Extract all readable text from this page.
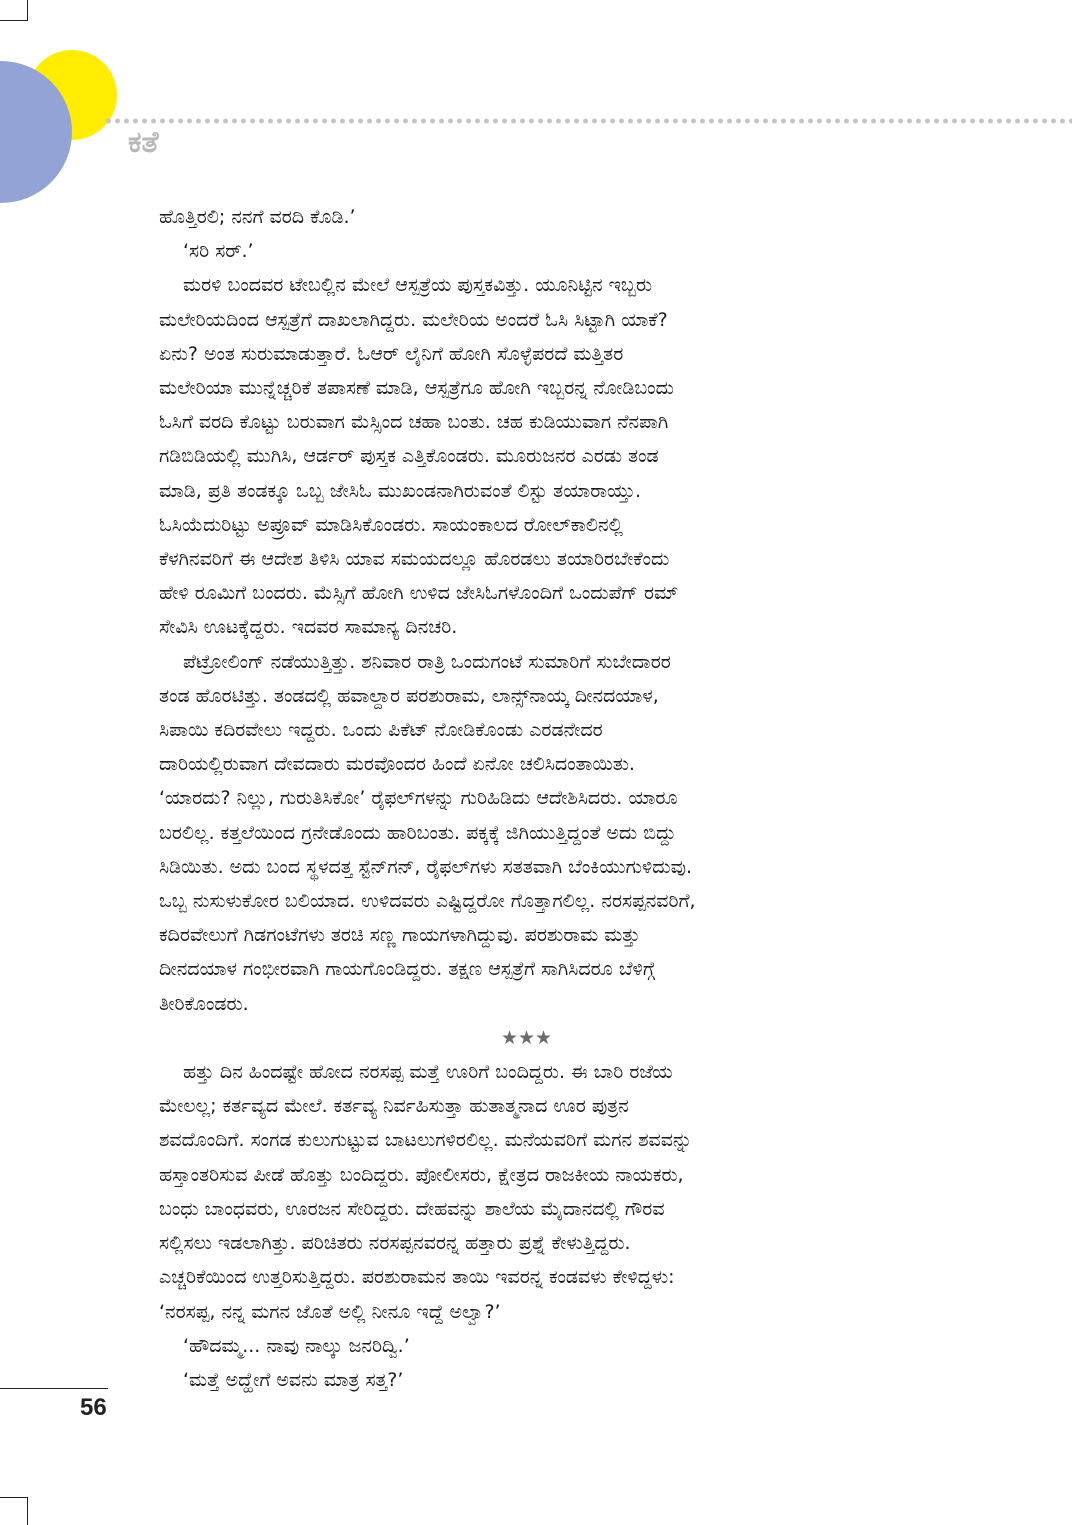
ಕತೆ

ಹೊತ್ತಿರಲಿ; ನನಗೆ ವರದಿ ಕೊಡಿ.’

‘ಸರಿ ಸರ್.’

ಮರಳಿ ಬಂದವರ ಟೇಬಲ್ಲಿನ ಮೇಲೆ ಆಸ್ಪತ್ರೆಯ ಪುಸ್ತಕವಿತ್ತು. ಯೂನಿಟ್ಟಿನ ಇಬ್ಬರು

ಮಲೇರಿಯದಿಂದ ಆಸ್ಪತ್ರೆಗೆ ದಾಖಲಾಗಿದ್ದರು. ಮಲೇರಿಯ ಅಂದರೆ ಓಸಿ ಸಿಟ್ಟಾಗಿ ಯಾಕೆ?

ಏನು? ಅಂತ ಸುರುಮಾಡುತ್ತಾರೆ. ಓಆರ್ ಲೈನಿಗೆ ಹೋಗಿ ಸೊಳ್ಳೆಪರದೆ ಮತ್ತಿತರ

ಮಲೇರಿಯಾ ಮುನ್ನೆಚ್ಚರಿಕೆ ತಪಾಸಣೆ ಮಾಡಿ, ಆಸ್ಪತ್ರೆಗೂ ಹೋಗಿ ಇಬ್ಬರನ್ನ ನೋಡಿಬಂದು

ಓಸಿಗೆ ವರದಿ ಕೊಟ್ಟು ಬರುವಾಗ ಮೆಸ್ಸಿಂದ ಚಹಾ ಬಂತು. ಚಹ ಕುಡಿಯುವಾಗ ನೆನಪಾಗಿ

ಗಡಿಬಿಡಿಯಲ್ಲಿ ಮುಗಿಸಿ, ಆರ್ಡರ್ ಪುಸ್ತಕ ಎತ್ತಿಕೊಂಡರು. ಮೂರುಜನರ ಎರಡು ತಂಡ

ಮಾಡಿ, ಪ್ರತಿ ತಂಡಕ್ಕೂ ಒಬ್ಬ ಜೇಸಿಓ ಮುಖಂಡನಾಗಿರುವಂತೆ ಲಿಸ್ಟು ತಯಾರಾಯ್ತು.

ಓಸಿಯೆದುರಿಟ್ಟು ಅಪ್ರೂವ್ ಮಾಡಿಸಿಕೊಂಡರು. ಸಾಯಂಕಾಲದ ರೋಲ್‌ಕಾಲಿನಲ್ಲಿ

ಕೆಳಗಿನವರಿಗೆ ಈ ಆದೇಶ ತಿಳಿಸಿ ಯಾವ ಸಮಯದಲ್ಲೂ ಹೊರಡಲು ತಯಾರಿರಬೇಕೆಂದು

ಹೇಳಿ ರೂಮಿಗೆ ಬಂದರು. ಮೆಸ್ಸಿಗೆ ಹೋಗಿ ಉಳಿದ ಜೇಸಿಓಗಳೊಂದಿಗೆ ಒಂದುಪೆಗ್ ರಮ್

ಸೇವಿಸಿ ಊಟಕ್ಕೆದ್ದರು. ಇದವರ ಸಾಮಾನ್ಯ ದಿನಚರಿ.

ಪೆಟ್ರೋಲಿಂಗ್ ನಡೆಯುತ್ತಿತ್ತು. ಶನಿವಾರ ರಾತ್ರಿ ಒಂದುಗಂಟೆ ಸುಮಾರಿಗೆ ಸುಬೇದಾರರ

ತಂಡ ಹೊರಟಿತ್ತು. ತಂಡದಲ್ಲಿ ಹವಾಲ್ದಾರ ಪರಶುರಾಮ, ಲಾನ್ಸ್‌ನಾಯ್ಕ ದೀನದಯಾಳ,

ಸಿಪಾಯಿ ಕದಿರವೇಲು ಇದ್ದರು. ಒಂದು ಪಿಕೆಟ್ ನೋಡಿಕೊಂಡು ಎರಡನೇದರ

ದಾರಿಯಲ್ಲಿರುವಾಗ ದೇವದಾರು ಮರವೊಂದರ ಹಿಂದೆ ಏನೋ ಚಲಿಸಿದಂತಾಯಿತು.

‘ಯಾರದು? ನಿಲ್ಲು, ಗುರುತಿಸಿಕೋ’ ರೈಫಲ್‌ಗಳನ್ನು ಗುರಿಹಿಡಿದು ಆದೇಶಿಸಿದರು. ಯಾರೂ

ಬರಲಿಲ್ಲ. ಕತ್ತಲೆಯಿಂದ ಗ್ರನೇಡೊಂದು ಹಾರಿಬಂತು. ಪಕ್ಕಕ್ಕೆ ಜಿಗಿಯುತ್ತಿದ್ದಂತೆ ಅದು ಬಿದ್ದು

ಸಿಡಿಯಿತು. ಅದು ಬಂದ ಸ್ಥಳದತ್ತ ಸ್ಟೆನ್‌ಗನ್, ರೈಫಲ್‌ಗಳು ಸತತವಾಗಿ ಬೆಂಕಿಯುಗುಳಿದುವು.

ಒಬ್ಬ ನುಸುಳುಕೋರ ಬಲಿಯಾದ. ಉಳಿದವರು ಎಷ್ಟಿದ್ದರೋ ಗೊತ್ತಾಗಲಿಲ್ಲ. ನರಸಪ್ಪನವರಿಗೆ,

ಕದಿರವೇಲುಗೆ ಗಿಡಗಂಟೆಗಳು ತರಚಿ ಸಣ್ಣ ಗಾಯಗಳಾಗಿದ್ದುವು. ಪರಶುರಾಮ ಮತ್ತು

ದೀನದಯಾಳ ಗಂಭೀರವಾಗಿ ಗಾಯಗೊಂಡಿದ್ದರು. ತಕ್ಷಣ ಆಸ್ಪತ್ರೆಗೆ ಸಾಗಿಸಿದರೂ ಬೆಳಿಗ್ಗೆ

ತೀರಿಕೊಂಡರು.

★★★

ಹತ್ತು ದಿನ ಹಿಂದಷ್ಟೇ ಹೋದ ನರಸಪ್ಪ ಮತ್ತೆ ಊರಿಗೆ ಬಂದಿದ್ದರು. ಈ ಬಾರಿ ರಜೆಯ

ಮೇಲಲ್ಲ; ಕರ್ತವ್ಯದ ಮೇಲೆ. ಕರ್ತವ್ಯ ನಿರ್ವಹಿಸುತ್ತಾ ಹುತಾತ್ಮನಾದ ಊರ ಪುತ್ರನ

ಶವದೊಂದಿಗೆ. ಸಂಗಡ ಕುಲುಗುಟ್ಟುವ ಬಾಟಲುಗಳಿರಲಿಲ್ಲ. ಮನೆಯವರಿಗೆ ಮಗನ ಶವವನ್ನು

ಹಸ್ತಾಂತರಿಸುವ ಪೀಡೆ ಹೊತ್ತು ಬಂದಿದ್ದರು. ಪೋಲೀಸರು, ಕ್ಷೇತ್ರದ ರಾಜಕೀಯ ನಾಯಕರು,

ಬಂಧು ಬಾಂಧವರು, ಊರಜನ ಸೇರಿದ್ದರು. ದೇಹವನ್ನು ಶಾಲೆಯ ಮೈದಾನದಲ್ಲಿ ಗೌರವ

ಸಲ್ಲಿಸಲು ಇಡಲಾಗಿತ್ತು. ಪರಿಚಿತರು ನರಸಪ್ಪನವರನ್ನ ಹತ್ತಾರು ಪ್ರಶ್ನೆ ಕೇಳುತ್ತಿದ್ದರು.

ಎಚ್ಚರಿಕೆಯಿಂದ ಉತ್ತರಿಸುತ್ತಿದ್ದರು. ಪರಶುರಾಮನ ತಾಯಿ ಇವರನ್ನ ಕಂಡವಳು ಕೇಳಿದ್ದಳು:

‘ನರಸಪ್ಪ, ನನ್ನ ಮಗನ ಜೊತೆ ಅಲ್ಲಿ ನೀನೂ ಇದ್ದೆ ಅಲ್ವಾ?’

‘ಹೌದಮ್ಮ... ನಾವು ನಾಲ್ಕು ಜನರಿದ್ವಿ.’

‘ಮತ್ತೆ ಅದ್ಹೇಗೆ ಅವನು ಮಾತ್ರ ಸತ್ತ?’

56
